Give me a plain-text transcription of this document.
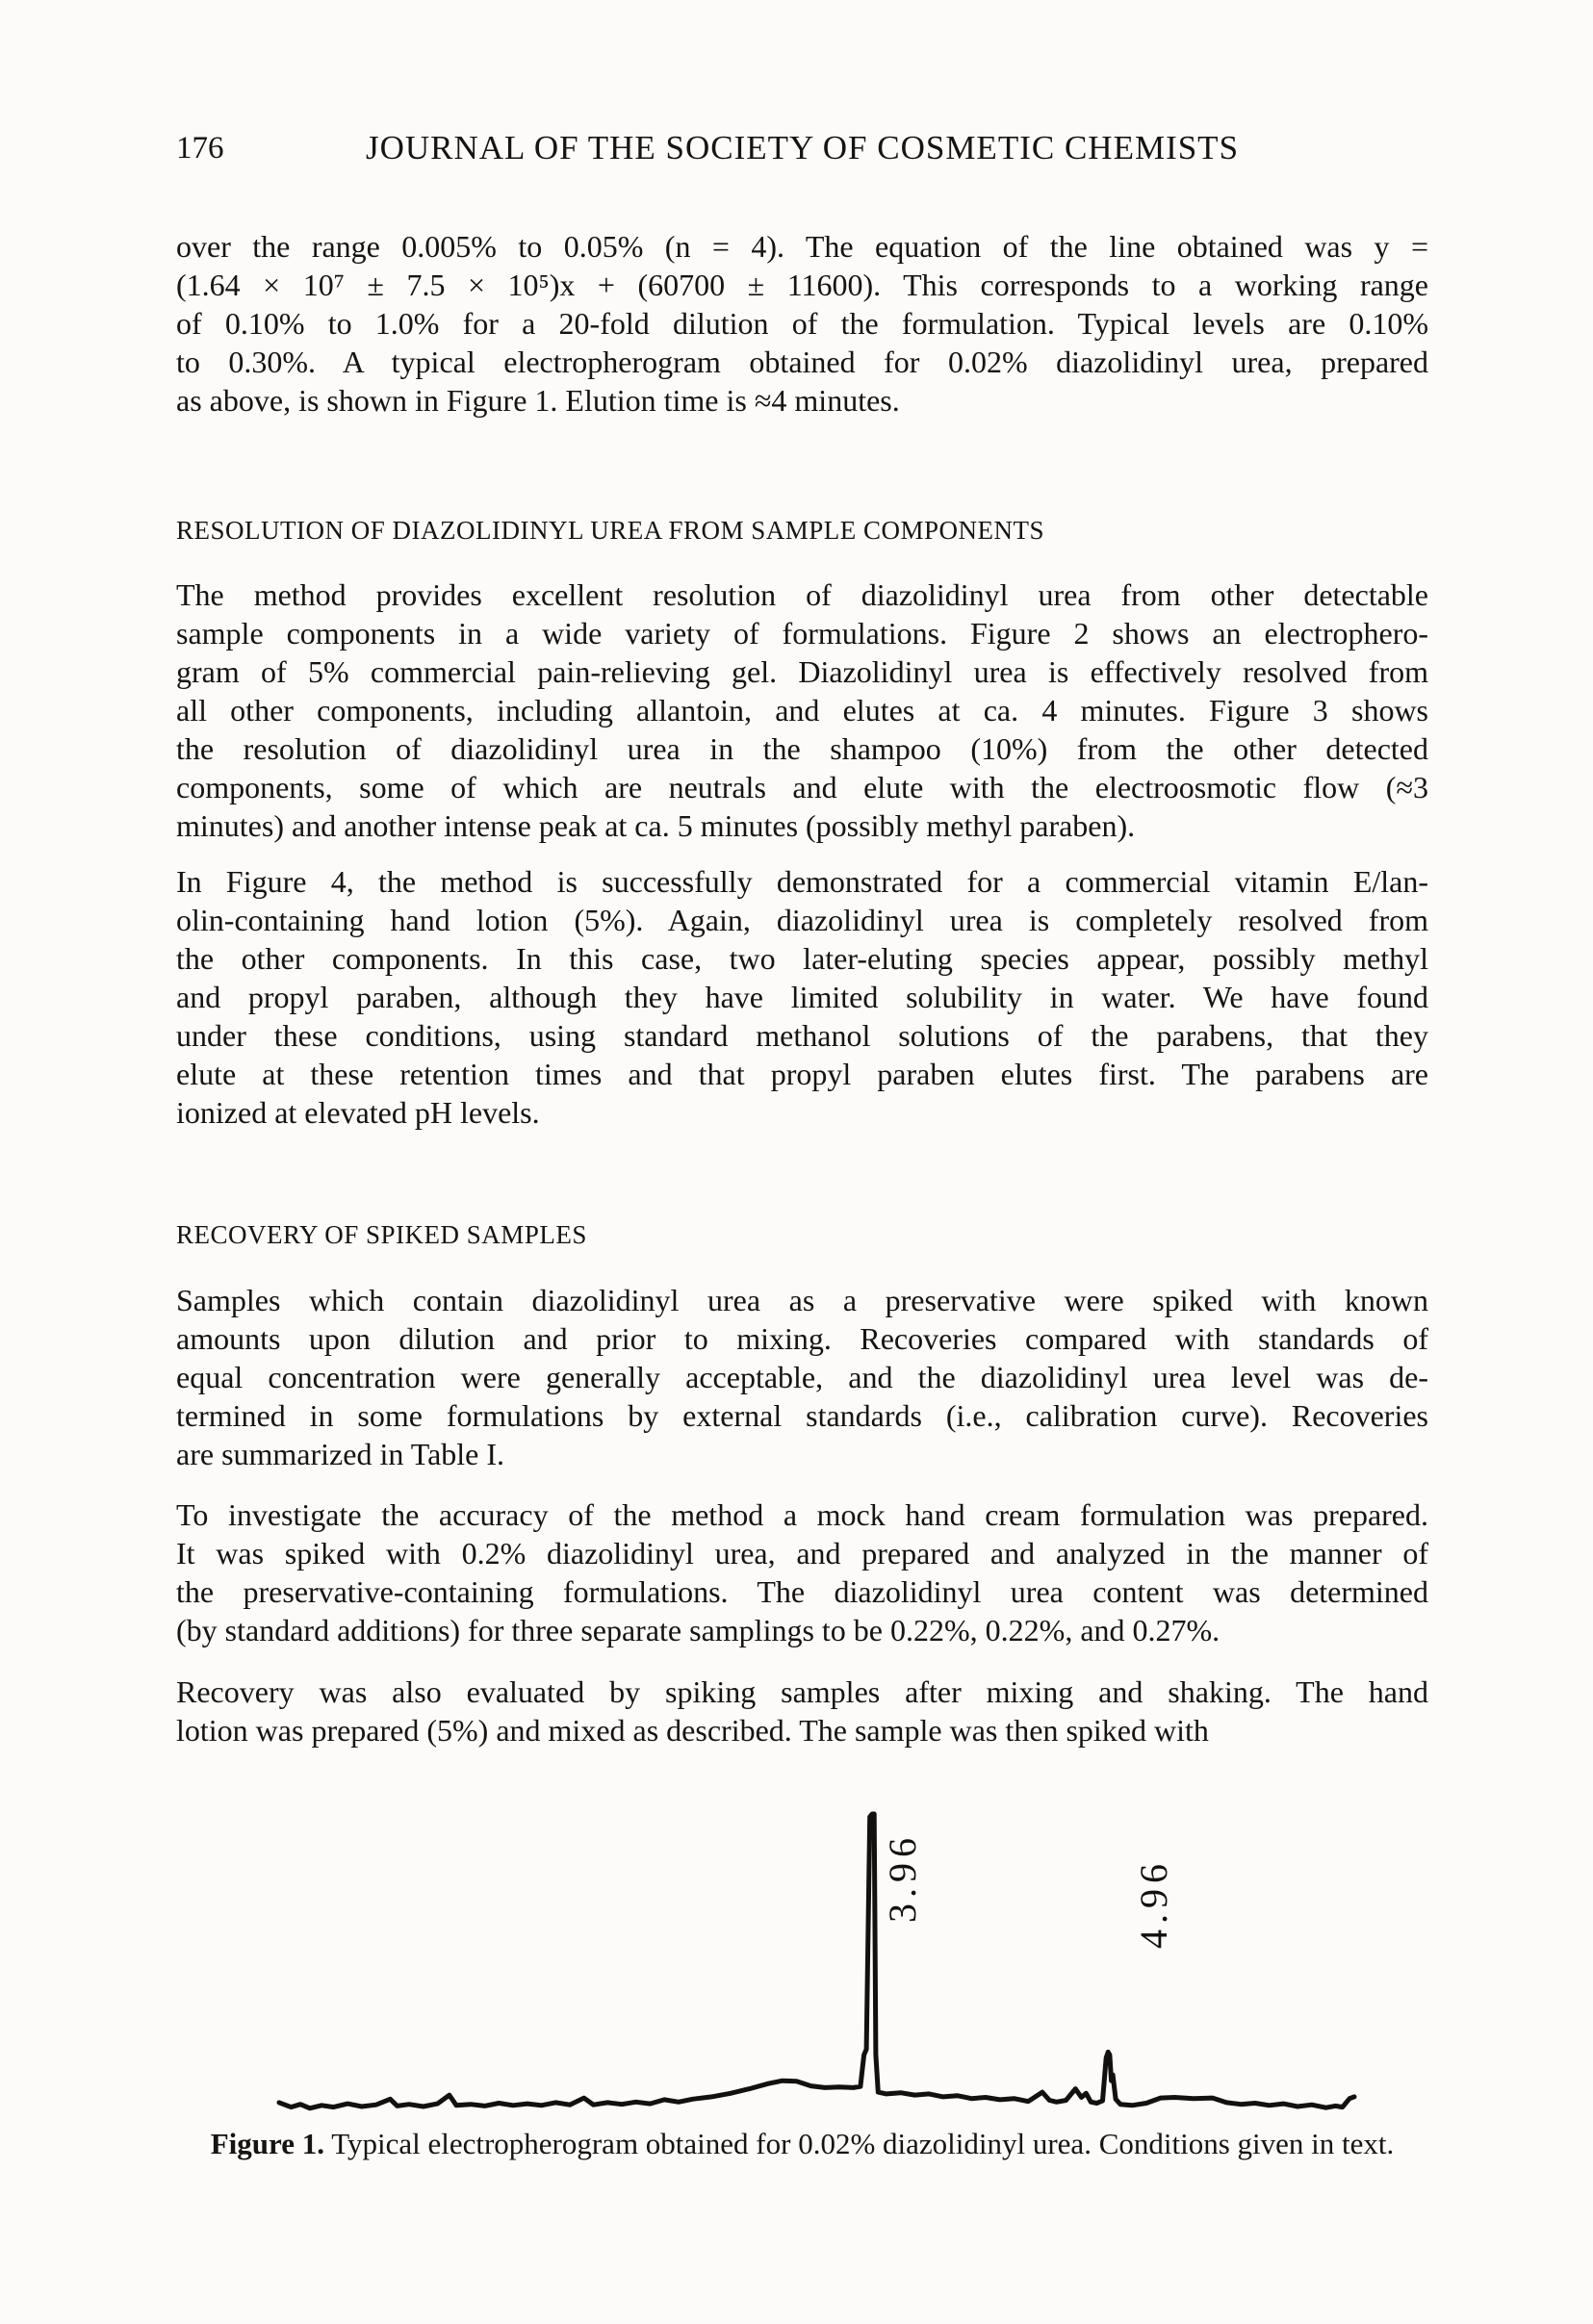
176	JOURNAL OF THE SOCIETY OF COSMETIC CHEMISTS
over the range 0.005% to 0.05% (n = 4). The equation of the line obtained was y =
(1.64 × 10⁷ ± 7.5 × 10⁵)x + (60700 ± 11600). This corresponds to a working range
of 0.10% to 1.0% for a 20-fold dilution of the formulation. Typical levels are 0.10%
to 0.30%. A typical electropherogram obtained for 0.02% diazolidinyl urea, prepared
as above, is shown in Figure 1. Elution time is ≈4 minutes.
RESOLUTION OF DIAZOLIDINYL UREA FROM SAMPLE COMPONENTS
The method provides excellent resolution of diazolidinyl urea from other detectable
sample components in a wide variety of formulations. Figure 2 shows an electrophero-
gram of 5% commercial pain-relieving gel. Diazolidinyl urea is effectively resolved from
all other components, including allantoin, and elutes at ca. 4 minutes. Figure 3 shows
the resolution of diazolidinyl urea in the shampoo (10%) from the other detected
components, some of which are neutrals and elute with the electroosmotic flow (≈3
minutes) and another intense peak at ca. 5 minutes (possibly methyl paraben).
In Figure 4, the method is successfully demonstrated for a commercial vitamin E/lan-
olin-containing hand lotion (5%). Again, diazolidinyl urea is completely resolved from
the other components. In this case, two later-eluting species appear, possibly methyl
and propyl paraben, although they have limited solubility in water. We have found
under these conditions, using standard methanol solutions of the parabens, that they
elute at these retention times and that propyl paraben elutes first. The parabens are
ionized at elevated pH levels.
RECOVERY OF SPIKED SAMPLES
Samples which contain diazolidinyl urea as a preservative were spiked with known
amounts upon dilution and prior to mixing. Recoveries compared with standards of
equal concentration were generally acceptable, and the diazolidinyl urea level was de-
termined in some formulations by external standards (i.e., calibration curve). Recoveries
are summarized in Table I.
To investigate the accuracy of the method a mock hand cream formulation was prepared.
It was spiked with 0.2% diazolidinyl urea, and prepared and analyzed in the manner of
the preservative-containing formulations. The diazolidinyl urea content was determined
(by standard additions) for three separate samplings to be 0.22%, 0.22%, and 0.27%.
Recovery was also evaluated by spiking samples after mixing and shaking. The hand
lotion was prepared (5%) and mixed as described. The sample was then spiked with
3.96	4.96
Figure 1. Typical electropherogram obtained for 0.02% diazolidinyl urea. Conditions given in text.
